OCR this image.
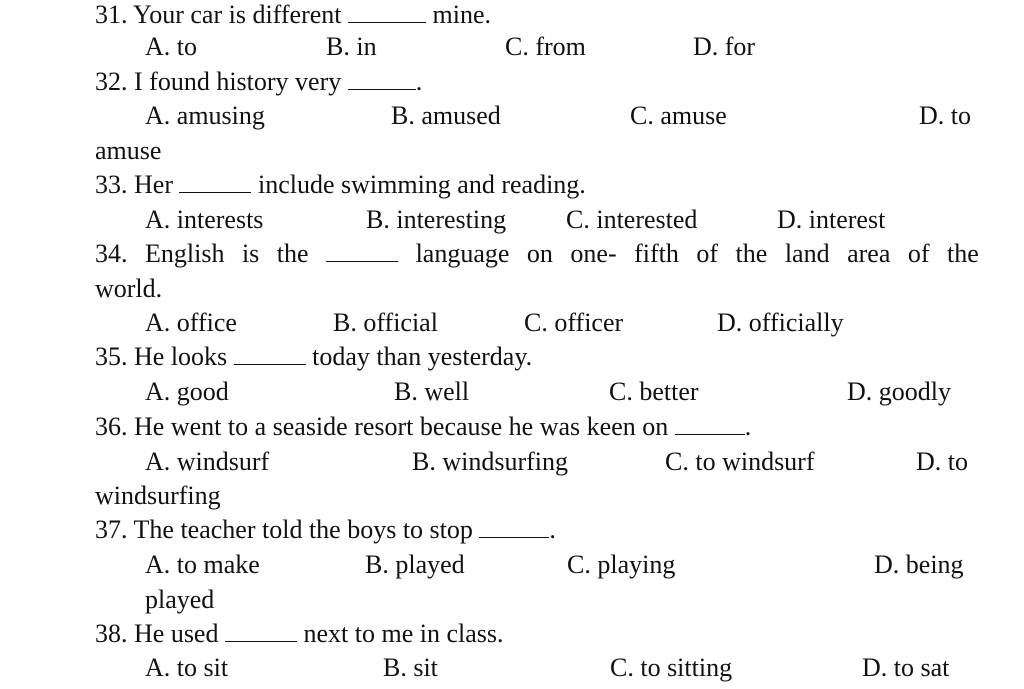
31. Your car is different	mine.
A. to	B. in	C. from	D. for
32. I found history very	.
A. amusing	B. amused	C. amuse	D. to
amuse
33. Her	include swimming and reading.
A. interests	B. interesting C. interested	D. interest
34. English is the	language on one- fifth of the land area of the
world.
A. office	B. official	C. officer	D. officially
35. He looks	today than yesterday.
A. good	B. well	C. better	D. goodly
36. He went to a seaside resort because he was keen on	.
A. windsurf	B. windsurfing	C. to windsurf	D. to
windsurfing
37. The teacher told the boys to stop	.
A. to make	B. played	C. playing	D. being
played
38. He used	next to me in class.
A. to sit	B. sit	C. to sitting	D. to sat
